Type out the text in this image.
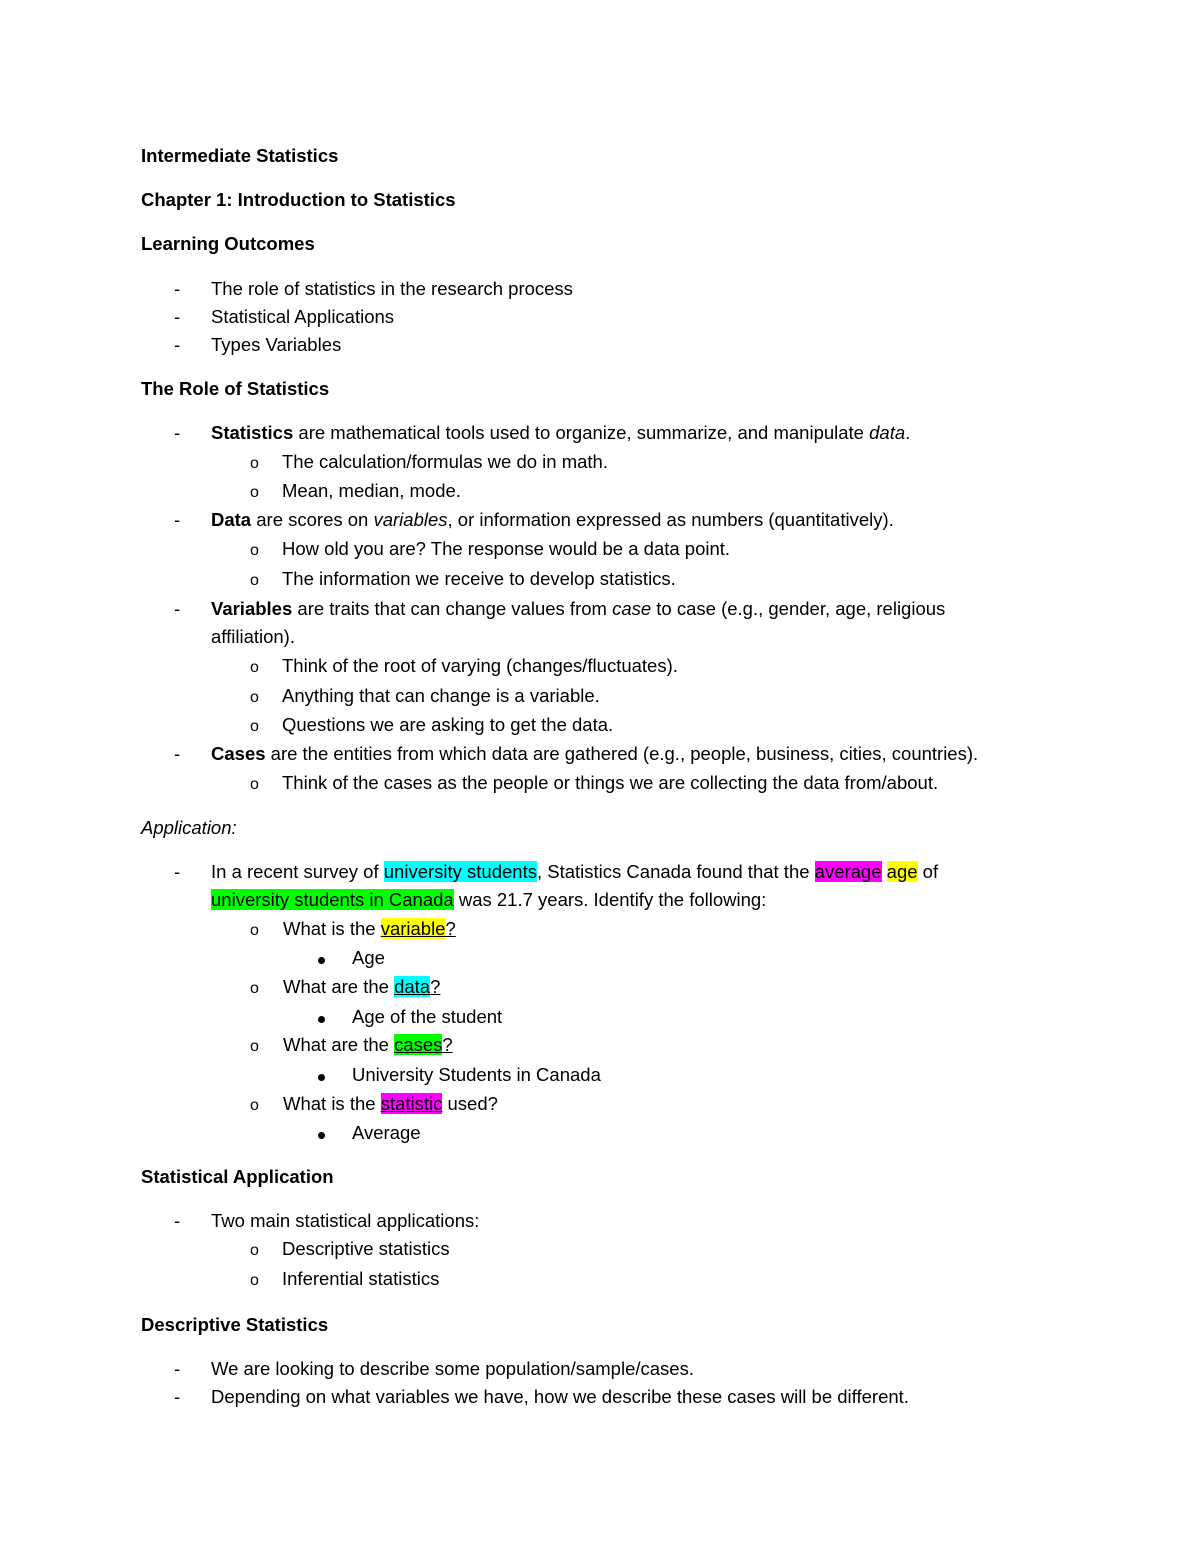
Intermediate Statistics
Chapter 1: Introduction to Statistics
Learning Outcomes
-
The role of statistics in the research process
-
Statistical Applications
-
Types Variables
The Role of Statistics
-
Statistics are mathematical tools used to organize, summarize, and manipulate data.
o The calculation/formulas we do in math.
o Mean, median, mode.
-
Data are scores on variables, or information expressed as numbers (quantitatively).
o How old you are? The response would be a data point.
o The information we receive to develop statistics.
-
Variables are traits that can change values from case to case (e.g., gender, age, religious
affiliation).
o Think of the root of varying (changes/fluctuates).
o Anything that can change is a variable.
o Questions we are asking to get the data.
-
Cases are the entities from which data are gathered (e.g., people, business, cities, countries).
o Think of the cases as the people or things we are collecting the data from/about.
Application:
-
In a recent survey of university students, Statistics Canada found that the average age of
university students in Canada was 21.7 years. Identify the following:
o What is the variable?
Age
o What are the data?
Age of the student
o What are the cases?
University Students in Canada
o What is the statistic used?
Average
Statistical Application
-
Two main statistical applications:
o Descriptive statistics
o Inferential statistics
Descriptive Statistics
-
We are looking to describe some population/sample/cases.
-
Depending on what variables we have, how we describe these cases will be different.
